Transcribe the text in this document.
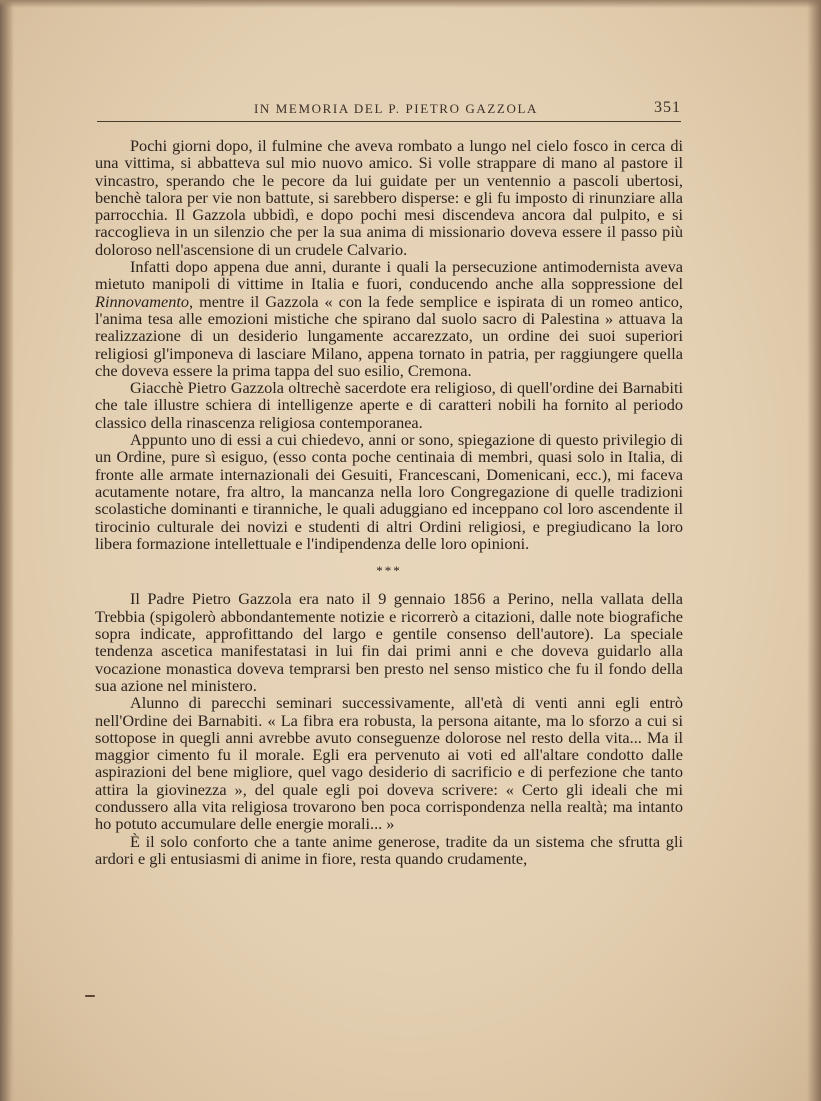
IN MEMORIA DEL P. PIETRO GAZZOLA	351

Pochi giorni dopo, il fulmine che aveva rombato a lungo nel cielo fosco in cerca di una vittima, si abbatteva sul mio nuovo amico. Si volle strappare di mano al pastore il vincastro, sperando che le pecore da lui guidate per un ventennio a pascoli ubertosi, benchè talora per vie non battute, si sarebbero disperse: e gli fu imposto di rinunziare alla parrocchia. Il Gazzola ubbidì, e dopo pochi mesi discendeva ancora dal pulpito, e si raccoglieva in un silenzio che per la sua anima di missionario doveva essere il passo più doloroso nell'ascensione di un crudele Calvario.

Infatti dopo appena due anni, durante i quali la persecuzione antimodernista aveva mietuto manipoli di vittime in Italia e fuori, conducendo anche alla soppressione del Rinnovamento, mentre il Gazzola « con la fede semplice e ispirata di un romeo antico, l'anima tesa alle emozioni mistiche che spirano dal suolo sacro di Palestina » attuava la realizzazione di un desiderio lungamente accarezzato, un ordine dei suoi superiori religiosi gl'imponeva di lasciare Milano, appena tornato in patria, per raggiungere quella che doveva essere la prima tappa del suo esilio, Cremona.

Giacchè Pietro Gazzola oltrechè sacerdote era religioso, di quell'ordine dei Barnabiti che tale illustre schiera di intelligenze aperte e di caratteri nobili ha fornito al periodo classico della rinascenza religiosa contemporanea.

Appunto uno di essi a cui chiedevo, anni or sono, spiegazione di questo privilegio di un Ordine, pure sì esiguo, (esso conta poche centinaia di membri, quasi solo in Italia, di fronte alle armate internazionali dei Gesuiti, Francescani, Domenicani, ecc.), mi faceva acutamente notare, fra altro, la mancanza nella loro Congregazione di quelle tradizioni scolastiche dominanti e tiranniche, le quali aduggiano ed inceppano col loro ascendente il tirocinio culturale dei novizi e studenti di altri Ordini religiosi, e pregiudicano la loro libera formazione intellettuale e l'indipendenza delle loro opinioni.

***

Il Padre Pietro Gazzola era nato il 9 gennaio 1856 a Perino, nella vallata della Trebbia (spigolerò abbondantemente notizie e ricorrerò a citazioni, dalle note biografiche sopra indicate, approfittando del largo e gentile consenso dell'autore). La speciale tendenza ascetica manifestatasi in lui fin dai primi anni e che doveva guidarlo alla vocazione monastica doveva temprarsi ben presto nel senso mistico che fu il fondo della sua azione nel ministero.

Alunno di parecchi seminari successivamente, all'età di venti anni egli entrò nell'Ordine dei Barnabiti. « La fibra era robusta, la persona aitante, ma lo sforzo a cui si sottopose in quegli anni avrebbe avuto conseguenze dolorose nel resto della vita... Ma il maggior cimento fu il morale. Egli era pervenuto ai voti ed all'altare condotto dalle aspirazioni del bene migliore, quel vago desiderio di sacrificio e di perfezione che tanto attira la giovinezza », del quale egli poi doveva scrivere: « Certo gli ideali che mi condussero alla vita religiosa trovarono ben poca corrispondenza nella realtà; ma intanto ho potuto accumulare delle energie morali... »

È il solo conforto che a tante anime generose, tradite da un sistema che sfrutta gli ardori e gli entusiasmi di anime in fiore, resta quando crudamente,
